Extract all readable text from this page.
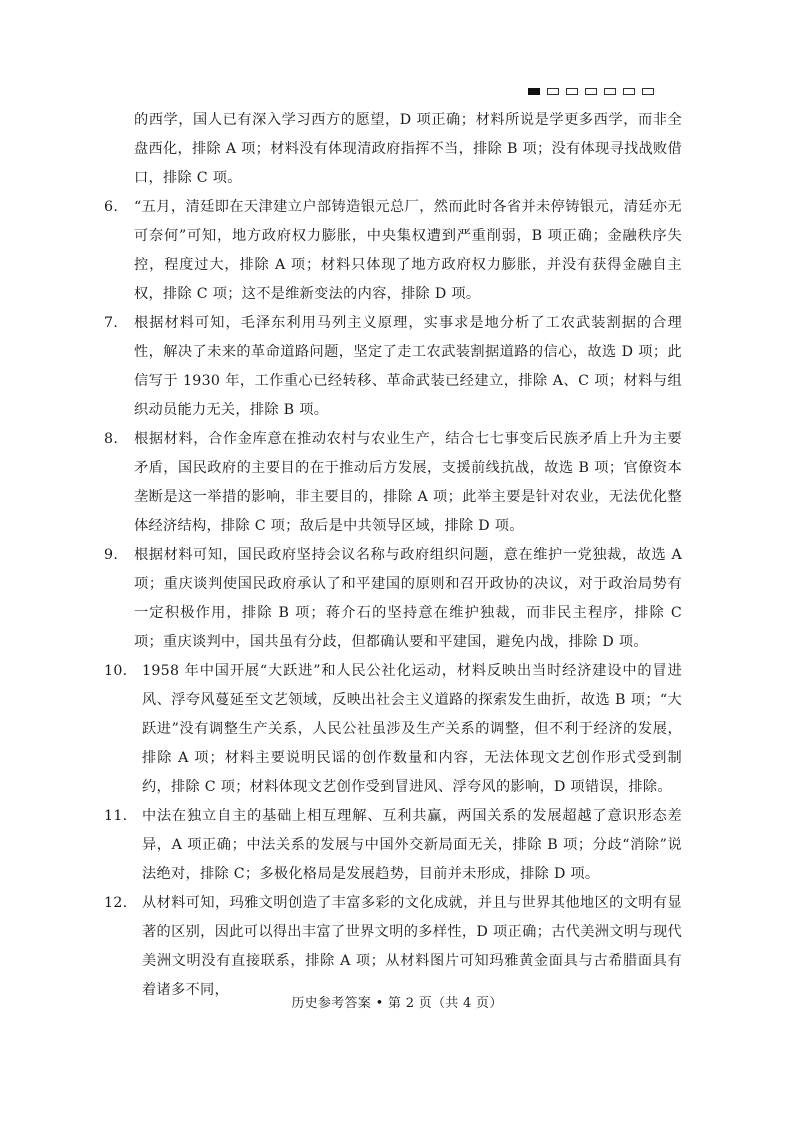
的西学，国人已有深入学习西方的愿望，D 项正确；材料所说是学更多西学，而非全盘西化，排除 A 项；材料没有体现清政府指挥不当，排除 B 项；没有体现寻找战败借口，排除 C 项。

6. “五月，清廷即在天津建立户部铸造银元总厂，然而此时各省并未停铸银元，清廷亦无可奈何”可知，地方政府权力膨胀，中央集权遭到严重削弱，B 项正确；金融秩序失控，程度过大，排除 A 项；材料只体现了地方政府权力膨胀，并没有获得金融自主权，排除 C 项；这不是维新变法的内容，排除 D 项。
7. 根据材料可知，毛泽东利用马列主义原理，实事求是地分析了工农武装割据的合理性，解决了未来的革命道路问题，坚定了走工农武装割据道路的信心，故选 D 项；此信写于 1930 年，工作重心已经转移、革命武装已经建立，排除 A、C 项；材料与组织动员能力无关，排除 B 项。
8. 根据材料，合作金库意在推动农村与农业生产，结合七七事变后民族矛盾上升为主要矛盾，国民政府的主要目的在于推动后方发展，支援前线抗战，故选 B 项；官僚资本垄断是这一举措的影响，非主要目的，排除 A 项；此举主要是针对农业，无法优化整体经济结构，排除 C 项；敌后是中共领导区域，排除 D 项。
9. 根据材料可知，国民政府坚持会议名称与政府组织问题，意在维护一党独裁，故选 A 项；重庆谈判使国民政府承认了和平建国的原则和召开政协的决议，对于政治局势有一定积极作用，排除 B 项；蒋介石的坚持意在维护独裁，而非民主程序，排除 C 项；重庆谈判中，国共虽有分歧，但都确认要和平建国，避免内战，排除 D 项。
10. 1958 年中国开展“大跃进”和人民公社化运动，材料反映出当时经济建设中的冒进风、浮夸风蔓延至文艺领域，反映出社会主义道路的探索发生曲折，故选 B 项；“大跃进”没有调整生产关系，人民公社虽涉及生产关系的调整，但不利于经济的发展，排除 A 项；材料主要说明民谣的创作数量和内容，无法体现文艺创作形式受到制约，排除 C 项；材料体现文艺创作受到冒进风、浮夸风的影响，D 项错误，排除。
11. 中法在独立自主的基础上相互理解、互利共赢，两国关系的发展超越了意识形态差异，A 项正确；中法关系的发展与中国外交新局面无关，排除 B 项；分歧“消除”说法绝对，排除 C；多极化格局是发展趋势，目前并未形成，排除 D 项。
12. 从材料可知，玛雅文明创造了丰富多彩的文化成就，并且与世界其他地区的文明有显著的区别，因此可以得出丰富了世界文明的多样性，D 项正确；古代美洲文明与现代美洲文明没有直接联系，排除 A 项；从材料图片可知玛雅黄金面具与古希腊面具有着诸多不同，
历史参考答案 • 第 2 页（共 4 页）
